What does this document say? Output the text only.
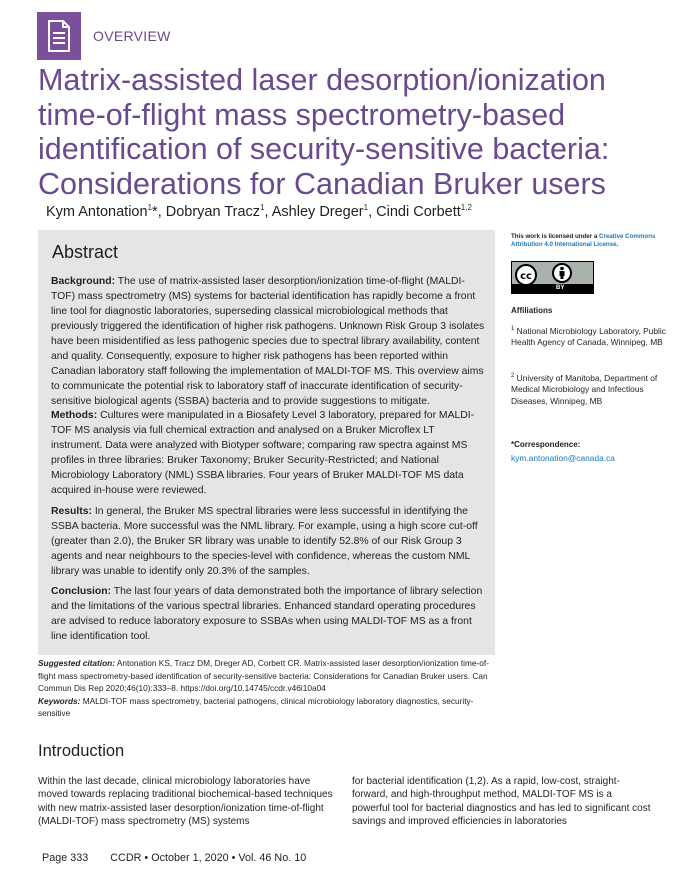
OVERVIEW
Matrix-assisted laser desorption/ionization time-of-flight mass spectrometry-based identification of security-sensitive bacteria: Considerations for Canadian Bruker users
Kym Antonation$^1$*, Dobryan Tracz$^1$, Ashley Dreger$^1$, Cindi Corbett$^{1,2}$
Abstract

Background: The use of matrix-assisted laser desorption/ionization time-of-flight (MALDI-TOF) mass spectrometry (MS) systems for bacterial identification has rapidly become a front line tool for diagnostic laboratories, superseding classical microbiological methods that previously triggered the identification of higher risk pathogens. Unknown Risk Group 3 isolates have been misidentified as less pathogenic species due to spectral library availability, content and quality. Consequently, exposure to higher risk pathogens has been reported within Canadian laboratory staff following the implementation of MALDI-TOF MS. This overview aims to communicate the potential risk to laboratory staff of inaccurate identification of security-sensitive biological agents (SSBA) bacteria and to provide suggestions to mitigate.

Methods: Cultures were manipulated in a Biosafety Level 3 laboratory, prepared for MALDI-TOF MS analysis via full chemical extraction and analysed on a Bruker Microflex LT instrument. Data were analyzed with Biotyper software; comparing raw spectra against MS profiles in three libraries: Bruker Taxonomy; Bruker Security-Restricted; and National Microbiology Laboratory (NML) SSBA libraries. Four years of Bruker MALDI-TOF MS data acquired in-house were reviewed.

Results: In general, the Bruker MS spectral libraries were less successful in identifying the SSBA bacteria. More successful was the NML library. For example, using a high score cut-off (greater than 2.0), the Bruker SR library was unable to identify 52.8% of our Risk Group 3 agents and near neighbours to the species-level with confidence, whereas the custom NML library was unable to identify only 20.3% of the samples.

Conclusion: The last four years of data demonstrated both the importance of library selection and the limitations of the various spectral libraries. Enhanced standard operating procedures are advised to reduce laboratory exposure to SSBAs when using MALDI-TOF MS as a front line identification tool.

This work is licensed under a Creative Commons Attribution 4.0 International License.
cc
BY
Affiliations
$^1$ National Microbiology Laboratory, Public Health Agency of Canada, Winnipeg, MB
$^2$ University of Manitoba, Department of Medical Microbiology and Infectious Diseases, Winnipeg, MB
*Correspondence:
kym.antonation@canada.ca
Suggested citation: Antonation KS, Tracz DM, Dreger AD, Corbett CR. Matrix-assisted laser desorption/ionization time-of-flight mass spectrometry-based identification of security-sensitive bacteria: Considerations for Canadian Bruker users. Can Commun Dis Rep 2020;46(10):333–8. https://doi.org/10.14745/ccdr.v46i10a04
Keywords: MALDI-TOF mass spectrometry, bacterial pathogens, clinical microbiology laboratory diagnostics, security-sensitive
Introduction
Within the last decade, clinical microbiology laboratories have moved towards replacing traditional biochemical-based techniques with new matrix-assisted laser desorption/ionization time-of-flight (MALDI-TOF) mass spectrometry (MS) systems
for bacterial identification (1,2). As a rapid, low-cost, straight-forward, and high-throughput method, MALDI-TOF MS is a powerful tool for bacterial diagnostics and has led to significant cost savings and improved efficiencies in laboratories
Page 333 CCDR • October 1, 2020 • Vol. 46 No. 10
